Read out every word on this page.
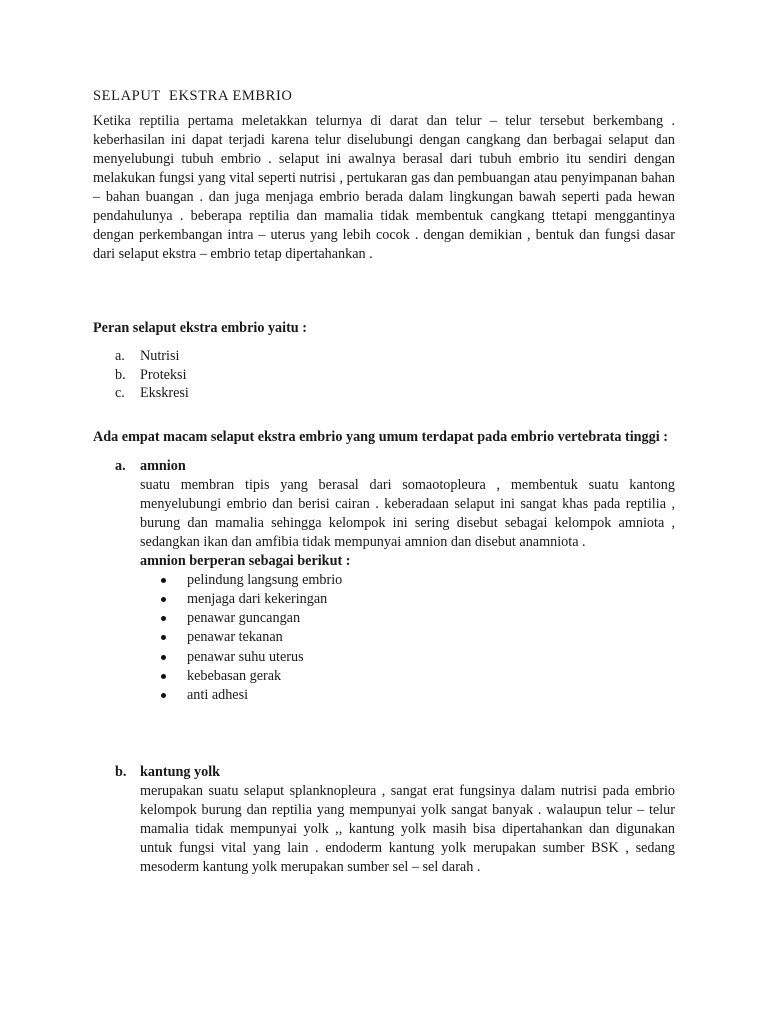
SELAPUT  EKSTRA EMBRIO

Ketika reptilia pertama meletakkan telurnya di darat dan telur – telur tersebut berkembang . keberhasilan ini dapat terjadi karena telur diselubungi dengan cangkang dan berbagai selaput dan menyelubungi tubuh embrio . selaput ini awalnya berasal dari tubuh embrio itu sendiri dengan melakukan fungsi yang vital seperti nutrisi , pertukaran gas dan pembuangan atau penyimpanan bahan – bahan buangan . dan juga menjaga embrio berada dalam lingkungan bawah seperti pada hewan pendahulunya . beberapa reptilia dan mamalia tidak membentuk cangkang ttetapi menggantinya dengan perkembangan intra – uterus yang lebih cocok . dengan demikian , bentuk dan fungsi dasar dari selaput ekstra – embrio tetap dipertahankan .

Peran selaput ekstra embrio yaitu :

a. Nutrisi
b. Proteksi
c. Ekskresi

Ada empat macam selaput ekstra embrio yang umum terdapat pada embrio vertebrata tinggi :

a. amnion
suatu membran tipis yang berasal dari somaotopleura , membentuk suatu kantong menyelubungi embrio dan berisi cairan . keberadaan selaput ini sangat khas pada reptilia , burung dan mamalia sehingga kelompok ini sering disebut sebagai kelompok amniota , sedangkan ikan dan amfibia tidak mempunyai amnion dan disebut anamniota .
amnion berperan sebagai berikut :
pelindung langsung embrio
menjaga dari kekeringan
penawar guncangan
penawar tekanan
penawar suhu uterus
kebebasan gerak
anti adhesi
b. kantung yolk
merupakan suatu selaput splanknopleura , sangat erat fungsinya dalam nutrisi pada embrio kelompok burung dan reptilia yang mempunyai yolk sangat banyak . walaupun telur – telur mamalia tidak mempunyai yolk ,, kantung yolk masih bisa dipertahankan dan digunakan untuk fungsi vital yang lain . endoderm kantung yolk merupakan sumber BSK , sedang mesoderm kantung yolk merupakan sumber sel – sel darah .
